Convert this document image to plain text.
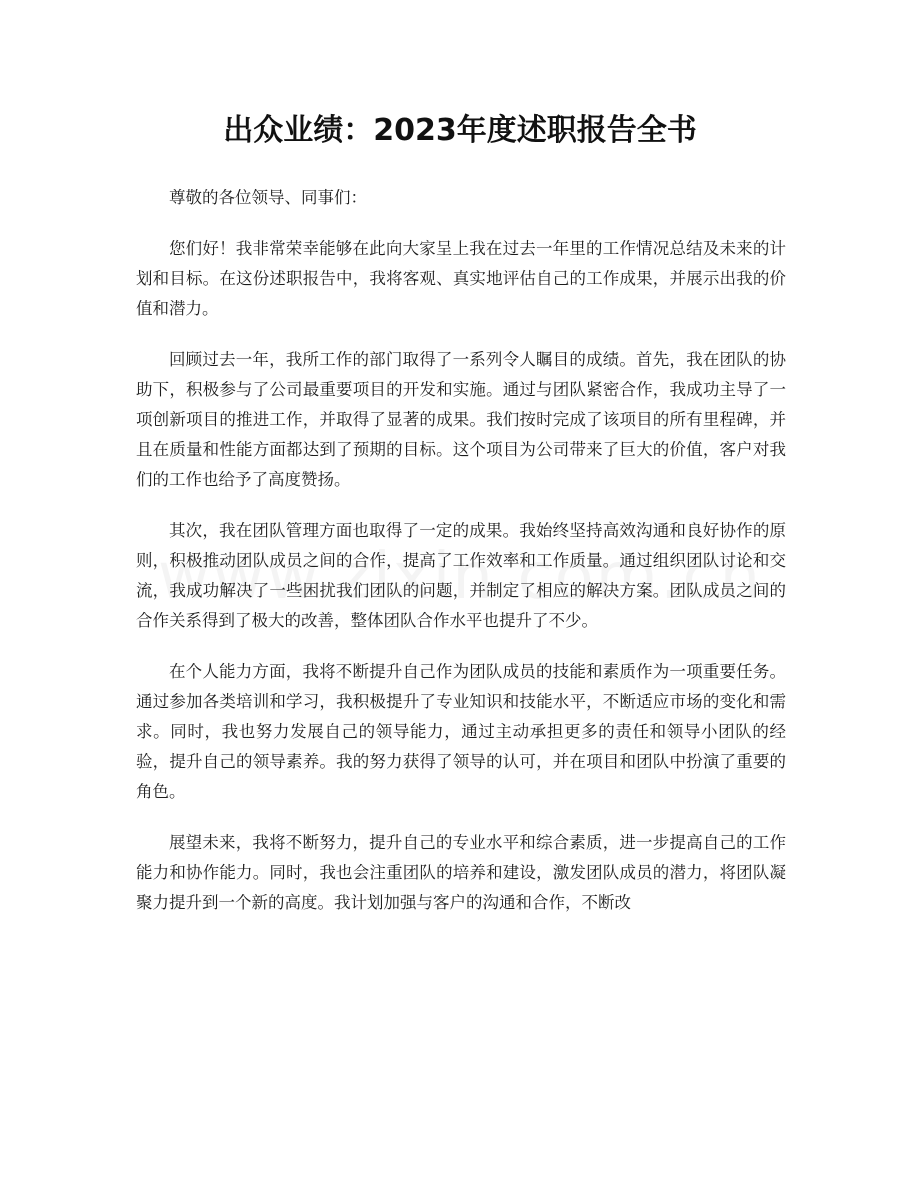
出众业绩：2023年度述职报告全书

尊敬的各位领导、同事们：

您们好！我非常荣幸能够在此向大家呈上我在过去一年里的工作情况总结及未来的计划和目标。在这份述职报告中，我将客观、真实地评估自己的工作成果，并展示出我的价值和潜力。

回顾过去一年，我所工作的部门取得了一系列令人瞩目的成绩。首先，我在团队的协助下，积极参与了公司最重要项目的开发和实施。通过与团队紧密合作，我成功主导了一项创新项目的推进工作，并取得了显著的成果。我们按时完成了该项目的所有里程碑，并且在质量和性能方面都达到了预期的目标。这个项目为公司带来了巨大的价值，客户对我们的工作也给予了高度赞扬。

其次，我在团队管理方面也取得了一定的成果。我始终坚持高效沟通和良好协作的原则，积极推动团队成员之间的合作，提高了工作效率和工作质量。通过组织团队讨论和交流，我成功解决了一些困扰我们团队的问题，并制定了相应的解决方案。团队成员之间的合作关系得到了极大的改善，整体团队合作水平也提升了不少。

在个人能力方面，我将不断提升自己作为团队成员的技能和素质作为一项重要任务。通过参加各类培训和学习，我积极提升了专业知识和技能水平，不断适应市场的变化和需求。同时，我也努力发展自己的领导能力，通过主动承担更多的责任和领导小团队的经验，提升自己的领导素养。我的努力获得了领导的认可，并在项目和团队中扮演了重要的角色。

展望未来，我将不断努力，提升自己的专业水平和综合素质，进一步提高自己的工作能力和协作能力。同时，我也会注重团队的培养和建设，激发团队成员的潜力，将团队凝聚力提升到一个新的高度。我计划加强与客户的沟通和合作，不断改
